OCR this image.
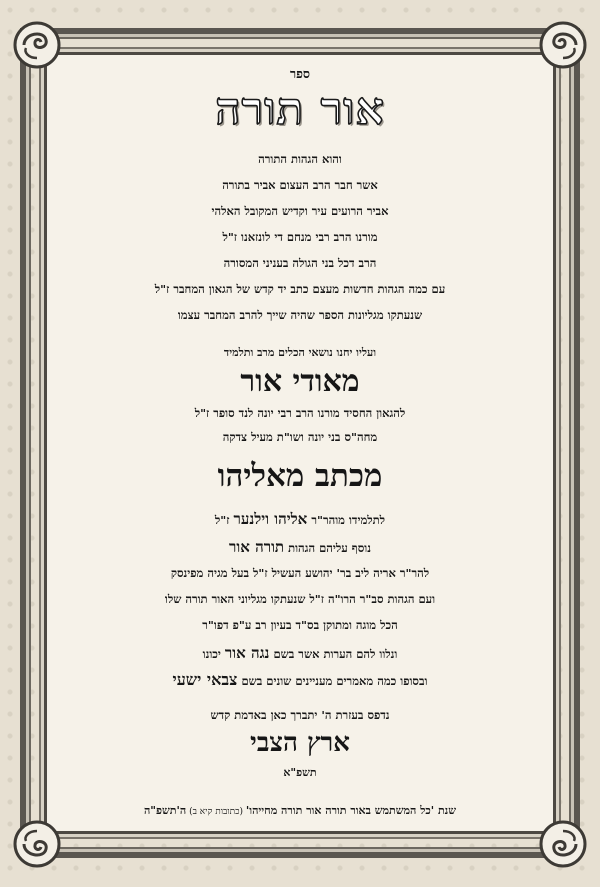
ספר
אור תורה
והוא הגהות התורה
אשר חבר הרב העצום אביר בתורה
אביר הרועים עיר וקדיש המקובל האלהי
מורנו הרב רבי מנחם די לונזאנו ז"ל
הרב דכל בני הגולה בעניני המסורה
עם כמה הגהות חדשות מעצם כתב יד קדש של הגאון המחבר ז"ל
שנעתקו מגליונות הספר שהיה שייך להרב המחבר עצמו
ועליו יחנו נושאי הכלים מרב ותלמיד
מאודי אור
להגאון החסיד מורנו הרב רבי יונה לנד סופר ז"ל
מחה"ס בני יונה ושו"ת מעיל צדקה
מכתב מאליהו
לתלמידו מוהר"ר אליהו וילנער ז"ל
נוסף עליהם הגהות תורה אור
להר"ר אריה ליב בר' יהושע העשיל ז"ל בעל מגיה מפינסק
ועם הגהות סב"ר הרו"ה ז"ל שנעתקו מגליוני האור תורה שלו
הכל מוגה ומתוקן בס"ד בעיון רב ע"פ דפו"ר
ונלוו להם הערות אשר בשם נגה אור יכונו
ובסופו כמה מאמרים מעניינים שונים בשם צבאי ישעי
נדפס בעזרת ה' יתברך כאן באדמת קדש
ארץ הצבי
תשפ"א
שנת 'כל המשתמש באור תורה אור תורה מחייהו' (כתובות קיא ב) ה'תשפ"ה
